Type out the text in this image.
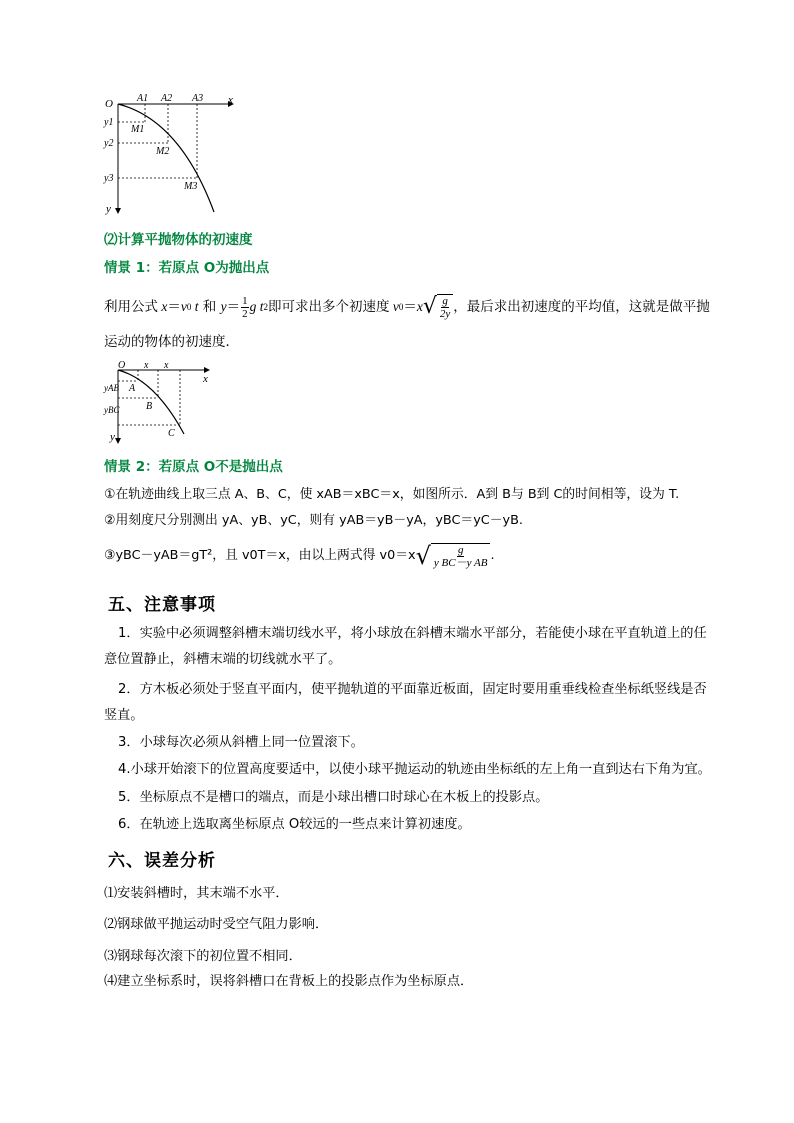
O	x
y
A1 A2 A3
y1
y2
y3
M1
M2
M3
⑵计算平抛物体的初速度
情景 1：若原点 O为抛出点
利用公式 x ＝ v 0 t 和 $y = \frac{1}{2}$ g t 2 即可求出多个初速度 v 0 ＝ x √ $\frac{g}{2y}$ ，最后求出初速度的平均值，这就是做平抛
运动的物体的初速度．
O
x
y
x x
yAB
yBC
A
B
C
情景 2：若原点 O不是抛出点
①在轨迹曲线上取三点 A、B、C，使 xAB＝xBC＝x，如图所示．A到 B与 B到 C的时间相等，设为 T.
②用刻度尺分别测出 yA、yB、yC，则有 yAB＝yB－yA，yBC＝yC－yB.
③yBC－yAB＝gT²，且 v0T＝x，由以上两式得 v0＝x √ $\frac{g}{\text{y BC－y AB}}$ .
五、注意事项
1．实验中必须调整斜槽末端切线水平，将小球放在斜槽末端水平部分，若能使小球在平直轨道上的任
意位置静止，斜槽末端的切线就水平了。
2．方木板必须处于竖直平面内，使平抛轨道的平面靠近板面，固定时要用重垂线检查坐标纸竖线是否
竖直。
3．小球每次必须从斜槽上同一位置滚下。
4.小球开始滚下的位置高度要适中，以使小球平抛运动的轨迹由坐标纸的左上角一直到达右下角为宜。
5．坐标原点不是槽口的端点，而是小球出槽口时球心在木板上的投影点。
6．在轨迹上选取离坐标原点 O较远的一些点来计算初速度。
六、误差分析
⑴安装斜槽时，其末端不水平．
⑵钢球做平抛运动时受空气阻力影响．
⑶钢球每次滚下的初位置不相同．
⑷建立坐标系时，误将斜槽口在背板上的投影点作为坐标原点．
